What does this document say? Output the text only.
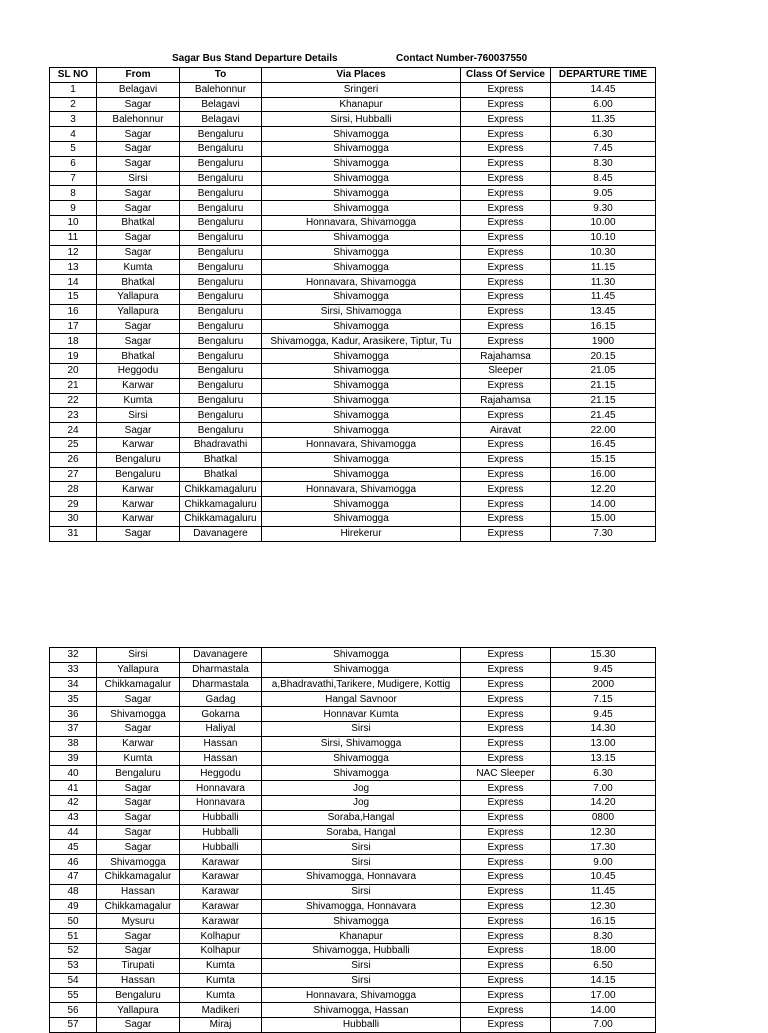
Sagar Bus Stand Departure Details	Contact Number-760037550
SL NO	From	To	Via Places	Class Of Service	DEPARTURE TIME
1	Belagavi	Balehonnur	Sringeri	Express	14.45
2	Sagar	Belagavi	Khanapur	Express	6.00
3	Balehonnur	Belagavi	Sirsi, Hubballi	Express	11.35
4	Sagar	Bengaluru	Shivamogga	Express	6.30
5	Sagar	Bengaluru	Shivamogga	Express	7.45
6	Sagar	Bengaluru	Shivamogga	Express	8.30
7	Sirsi	Bengaluru	Shivamogga	Express	8.45
8	Sagar	Bengaluru	Shivamogga	Express	9.05
9	Sagar	Bengaluru	Shivamogga	Express	9.30
10	Bhatkal	Bengaluru	Honnavara, Shivamogga	Express	10.00
11	Sagar	Bengaluru	Shivamogga	Express	10.10
12	Sagar	Bengaluru	Shivamogga	Express	10.30
13	Kumta	Bengaluru	Shivamogga	Express	11.15
14	Bhatkal	Bengaluru	Honnavara, Shivamogga	Express	11.30
15	Yallapura	Bengaluru	Shivamogga	Express	11.45
16	Yallapura	Bengaluru	Sirsi, Shivamogga	Express	13.45
17	Sagar	Bengaluru	Shivamogga	Express	16.15
18	Sagar	Bengaluru	Shivamogga, Kadur, Arasikere, Tiptur, Tu	Express	1900
19	Bhatkal	Bengaluru	Shivamogga	Rajahamsa	20.15
20	Heggodu	Bengaluru	Shivamogga	Sleeper	21.05
21	Karwar	Bengaluru	Shivamogga	Express	21.15
22	Kumta	Bengaluru	Shivamogga	Rajahamsa	21.15
23	Sirsi	Bengaluru	Shivamogga	Express	21.45
24	Sagar	Bengaluru	Shivamogga	Airavat	22.00
25	Karwar	Bhadravathi	Honnavara, Shivamogga	Express	16.45
26	Bengaluru	Bhatkal	Shivamogga	Express	15.15
27	Bengaluru	Bhatkal	Shivamogga	Express	16.00
28	Karwar	Chikkamagaluru	Honnavara, Shivamogga	Express	12.20
29	Karwar	Chikkamagaluru	Shivamogga	Express	14.00
30	Karwar	Chikkamagaluru	Shivamogga	Express	15.00
31	Sagar	Davanagere	Hirekerur	Express	7.30
32	Sirsi	Davanagere	Shivamogga	Express	15.30
33	Yallapura	Dharmastala	Shivamogga	Express	9.45
34	Chikkamagalur	Dharmastala	a,Bhadravathi,Tarikere, Mudigere, Kottig	Express	2000
35	Sagar	Gadag	Hangal Savnoor	Express	7.15
36	Shivamogga	Gokarna	Honnavar Kumta	Express	9.45
37	Sagar	Haliyal	Sirsi	Express	14.30
38	Karwar	Hassan	Sirsi, Shivamogga	Express	13.00
39	Kumta	Hassan	Shivamogga	Express	13.15
40	Bengaluru	Heggodu	Shivamogga	NAC Sleeper	6.30
41	Sagar	Honnavara	Jog	Express	7.00
42	Sagar	Honnavara	Jog	Express	14.20
43	Sagar	Hubballi	Soraba,Hangal	Express	0800
44	Sagar	Hubballi	Soraba, Hangal	Express	12.30
45	Sagar	Hubballi	Sirsi	Express	17.30
46	Shivamogga	Karawar	Sirsi	Express	9.00
47	Chikkamagalur	Karawar	Shivamogga, Honnavara	Express	10.45
48	Hassan	Karawar	Sirsi	Express	11.45
49	Chikkamagalur	Karawar	Shivamogga, Honnavara	Express	12.30
50	Mysuru	Karawar	Shivamogga	Express	16.15
51	Sagar	Kolhapur	Khanapur	Express	8.30
52	Sagar	Kolhapur	Shivamogga, Hubballi	Express	18.00
53	Tirupati	Kumta	Sirsi	Express	6.50
54	Hassan	Kumta	Sirsi	Express	14.15
55	Bengaluru	Kumta	Honnavara, Shivamogga	Express	17.00
56	Yallapura	Madikeri	Shivamogga, Hassan	Express	14.00
57	Sagar	Miraj	Hubballi	Express	7.00
